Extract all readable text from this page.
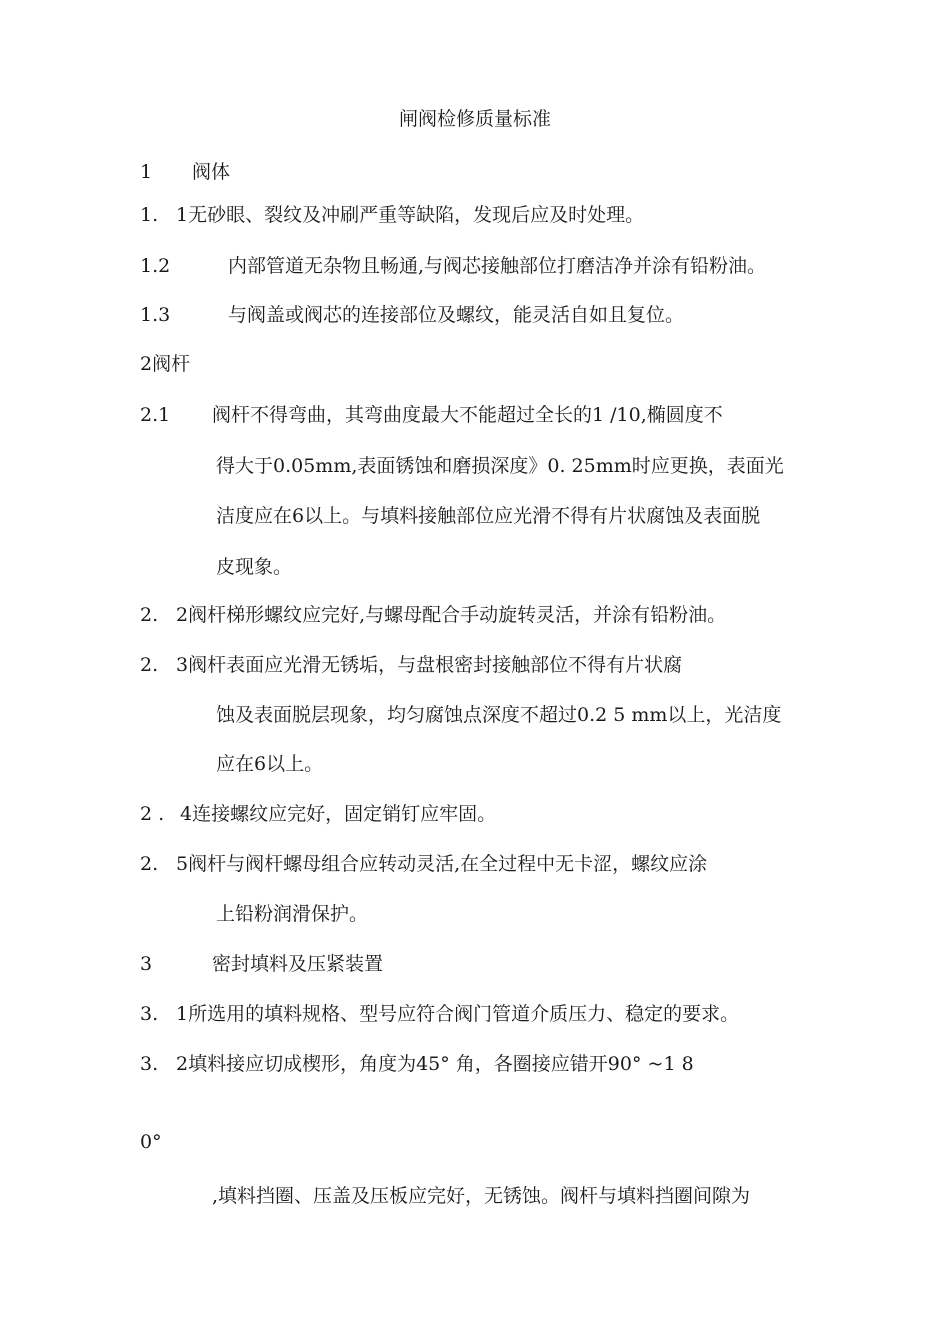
闸阀检修质量标准
1 阀体
1. 1无砂眼、裂纹及冲刷严重等缺陷，发现后应及时处理。
1.2	内部管道无杂物且畅通,与阀芯接触部位打磨洁净并涂有铅粉油。
1.3	与阀盖或阀芯的连接部位及螺纹，能灵活自如且复位。
2阀杆
2.1 阀杆不得弯曲，其弯曲度最大不能超过全长的1 /10,椭圆度不
得大于0.05mm,表面锈蚀和磨损深度》0. 25mm时应更换，表面光
洁度应在6以上。与填料接触部位应光滑不得有片状腐蚀及表面脱
皮现象。
2. 2阀杆梯形螺纹应完好,与螺母配合手动旋转灵活，并涂有铅粉油。
2. 3阀杆表面应光滑无锈垢，与盘根密封接触部位不得有片状腐
蚀及表面脱层现象，均匀腐蚀点深度不超过0.2 5 mm以上，光洁度
应在6以上。
2 . 4连接螺纹应完好，固定销钉应牢固。
2. 5阀杆与阀杆螺母组合应转动灵活,在全过程中无卡涩，螺纹应涂
上铅粉润滑保护。
3	密封填料及压紧装置
3. 1所选用的填料规格、型号应符合阀门管道介质压力、稳定的要求。
3. 2填料接应切成楔形，角度为45° 角，各圈接应错开90° ~1 8
0°
,填料挡圈、压盖及压板应完好，无锈蚀。阀杆与填料挡圈间隙为
